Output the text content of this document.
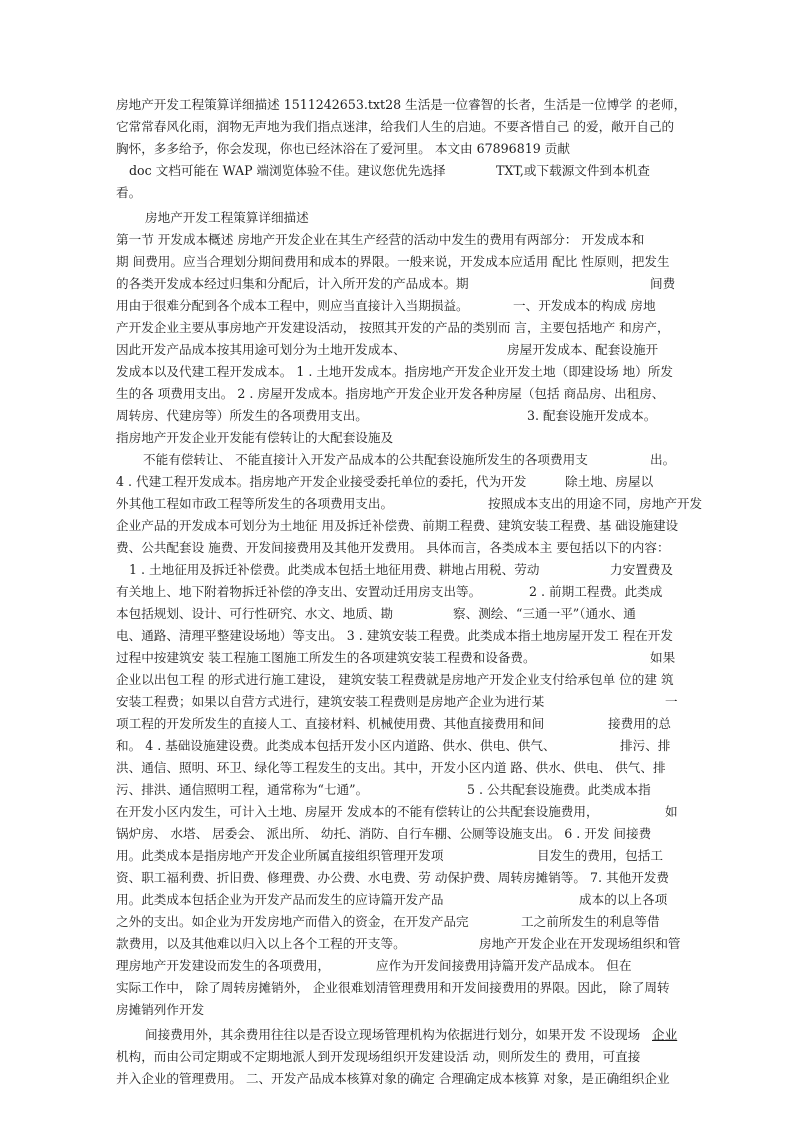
房地产开发工程策算详细描述 1511242653.txt28 生活是一位睿智的长者，生活是一位博学 的老师，
它常常春风化雨，润物无声地为我们指点迷津，给我们人生的启迪。不要吝惜自己 的爱，敞开自己的
胸怀，多多给予，你会发现，你也已经沐浴在了爱河里。 本文由 67896819 贡献
doc 文档可能在 WAP 端浏览体验不佳。建议您优先选择	TXT,或下载源文件到本机查
看。
房地产开发工程策算详细描述
第一节 开发成本概述 房地产开发企业在其生产经营的活动中发生的费用有两部分： 开发成本和
期 间费用。应当合理划分期间费用和成本的界限。一般来说，开发成本应适用 配比 性原则，把发生
的各类开发成本经过归集和分配后，计入所开发的产品成本。期	间费
用由于很难分配到各个成本工程中，则应当直接计入当期损益。	一、开发成本的构成 房地
产开发企业主要从事房地产开发建设活动， 按照其开发的产品的类别而 言，主要包括地产 和房产，
因此开发产品成本按其用途可划分为土地开发成本、	房屋开发成本、配套设施开
发成本以及代建工程开发成本。 1 . 土地开发成本。指房地产开发企业开发土地（即建设场 地）所发
生的各 项费用支出。 2 . 房屋开发成本。指房地产开发企业开发各种房屋（包括 商品房、出租房、
周转房、代建房等）所发生的各项费用支出。	3. 配套设施开发成本。
指房地产开发企业开发能有偿转让的大配套设施及
不能有偿转让、 不能直接计入开发产品成本的公共配套设施所发生的各项费用支	出。
4 . 代建工程开发成本。指房地产开发企业接受委托单位的委托，代为开发	除土地、房屋以
外其他工程如市政工程等所发生的各项费用支出。	按照成本支出的用途不同，房地产开发
企业产品的开发成本可划分为土地征 用及拆迁补偿费、前期工程费、建筑安装工程费、基 础设施建设
费、公共配套设 施费、开发间接费用及其他开发费用。 具体而言，各类成本主 要包括以下的内容：
1 . 土地征用及拆迁补偿费。此类成本包括土地征用费、耕地占用税、劳动	力安置费及
有关地上、地下附着物拆迁补偿的净支出、安置动迁用房支出等。	2 . 前期工程费。此类成
本包括规划、设计、可行性研究、水文、地质、勘	察、测绘、“三通一平”（通水、通
电、通路、清理平整建设场地）等支出。 3 . 建筑安装工程费。此类成本指土地房屋开发工 程在开发
过程中按建筑安 装工程施工图施工所发生的各项建筑安装工程费和设备费。	如果
企业以出包工程 的形式进行施工建设， 建筑安装工程费就是房地产开发企业支付给承包单 位的建 筑
安装工程费；如果以自营方式进行，建筑安装工程费则是房地产企业为进行某	一
项工程的开发所发生的直接人工、直接材料、机械使用费、其他直接费用和间	接费用的总
和。 4 . 基础设施建设费。此类成本包括开发小区内道路、供水、供电、供气、	排污、排
洪、通信、照明、环卫、绿化等工程发生的支出。其中，开发小区内道 路、供水、供电、 供气、排
污、排洪、通信照明工程，通常称为“七通”。	5 . 公共配套设施费。此类成本指
在开发小区内发生，可计入土地、房屋开 发成本的不能有偿转让的公共配套设施费用，	如
锅炉房、 水塔、 居委会、 派出所、 幼托、消防、自行车棚、公厕等设施支出。 6 . 开发 间接费
用。此类成本是指房地产开发企业所属直接组织管理开发项	目发生的费用，包括工
资、职工福利费、折旧费、修理费、办公费、水电费、劳 动保护费、周转房摊销等。 7. 其他开发费
用。此类成本包括企业为开发产品而发生的应诗篇开发产品	成本的以上各项
之外的支出。如企业为开发房地产而借入的资金，在开发产品完	工之前所发生的利息等借
款费用，以及其他难以归入以上各个工程的开支等。	房地产开发企业在开发现场组织和管
理房地产开发建设而发生的各项费用，	应作为开发间接费用，
诗篇开发产品成本。 但在
实际工作中， 除了周转房摊销外， 企业很难划清管理费用和开发间接费用的界限。因此， 除了周转
房摊销列作开发
间接费用外，其余费用往往以是否设立现场管理机构为依据进行划分，如果开发 不设现场 企业
机构，而由公司定期或不定期地派人到开发现场组织开发建设活 动，则所发生的 费用，可直接
并入企业的管理费用。 二、开发产品成本核算对象的确定 合理确定成本核算 对象，是正确组织企业
